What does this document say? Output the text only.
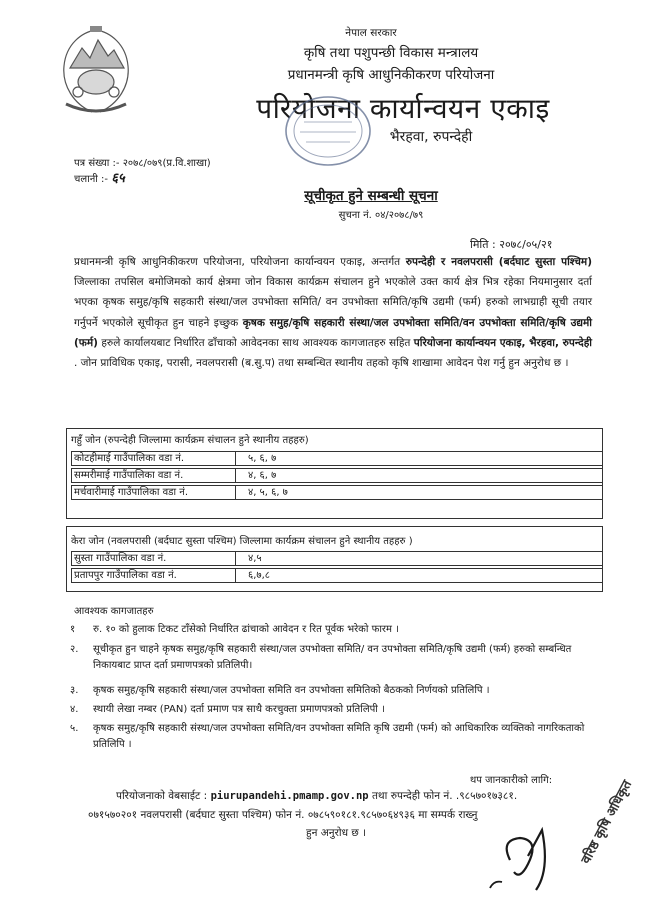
नेपाल सरकार
कृषि तथा पशुपन्छी विकास मन्त्रालय
प्रधानमन्त्री कृषि आधुनिकीकरण परियोजना
परियोजना कार्यान्वयन एकाइ
भैरहवा, रुपन्देही
पत्र संख्या :- २०७८/०७९(प्र.वि.शाखा)
चलानी :- ६५
सूचीकृत हुने सम्बन्धी सूचना
सुचना नं. ०४/२०७८/७९
मिति : २०७८/०५/२१
प्रधानमन्त्री कृषि आधुनिकीकरण परियोजना, परियोजना कार्यान्वयन एकाइ, अन्तर्गत रुपन्देही र नवलपरासी (बर्दघाट सुस्ता पश्चिम) जिल्लाका तपसिल बमोजिमको कार्य क्षेत्रमा जोन विकास कार्यक्रम संचालन हुने भएकोले उक्त कार्य क्षेत्र भित्र रहेका नियमानुसार दर्ता भएका कृषक समुह/कृषि सहकारी संस्था/जल उपभोक्ता समिति/ वन उपभोक्ता समिति/कृषि उद्यमी (फर्म) हरुको लाभग्राही सूची तयार गर्नुपर्ने भएकोले सूचीकृत हुन चाहने इच्छुक कृषक समुह/कृषि सहकारी संस्था/जल उपभोक्ता समिति/वन उपभोक्ता समिति/कृषि उद्यमी (फर्म) हरुले कार्यालयबाट निर्धारित ढाँचाको आवेदनका साथ आवश्यक कागजातहरु सहित परियोजना कार्यान्वयन एकाइ, भैरहवा, रुपन्देही . जोन प्राविधिक एकाइ, परासी, नवलपरासी (ब.सु.प) तथा सम्बन्धित स्थानीय तहको कृषि शाखामा आवेदन पेश गर्नु हुन अनुरोध छ ।
गहुँ जोन (रुपन्देही जिल्लामा कार्यक्रम संचालन हुने स्थानीय तहहरु)
कोटहीमाई गाउँपालिका वडा नं.	५, ६, ७
सम्मरीमाई गाउँपालिका वडा नं.	४, ६, ७
मर्चवारीमाई गाउँपालिका वडा नं.	४, ५, ६, ७
केरा जोन (नवलपरासी (बर्दघाट सुस्ता पश्चिम) जिल्लामा कार्यक्रम संचालन हुने स्थानीय तहहरु )
सुस्ता गाउँपालिका वडा नं.	४,५
प्रतापपुर गाउँपालिका वडा नं.	६,७,८
आवश्यक कागजातहरु
१	रु. १० को हुलाक टिकट टाँसेको निर्धारित ढांचाको आवेदन र रित पूर्वक भरेको फारम ।
२.	सूचीकृत हुन चाहने कृषक समुह/कृषि सहकारी संस्था/जल उपभोक्ता समिति/ वन उपभोक्ता समिति/कृषि उद्यमी (फर्म) हरुको सम्बन्धित निकायबाट प्राप्त दर्ता प्रमाणपत्रको प्रतिलिपी।
३.	कृषक समुह/कृषि सहकारी संस्था/जल उपभोक्ता समिति वन उपभोक्ता समितिको बैठकको निर्णयको प्रतिलिपि ।
४.	स्थायी लेखा नम्बर (PAN) दर्ता प्रमाण पत्र साथै करचुक्ता प्रमाणपत्रको प्रतिलिपी ।
५.	कृषक समुह/कृषि सहकारी संस्था/जल उपभोक्ता समिति/वन उपभोक्ता समिति कृषि उद्यमी (फर्म) को आधिकारिक व्यक्तिको नागरिकताको प्रतिलिपि ।
थप जानकारीको लागि:
परियोजनाको वेबसाईट : piurupandehi.pmamp.gov.np तथा रुपन्देही फोन नं. .९८५७०१७३८१.
०७१५७०२०१ नवलपरासी (बर्दघाट सुस्ता पश्चिम) फोन नं. ०७८५९०१८१.९८५७०६४९३६ मा सम्पर्क राख्नु
हुन अनुरोध छ ।	वरिष्ठ कृषि अधिकृत
